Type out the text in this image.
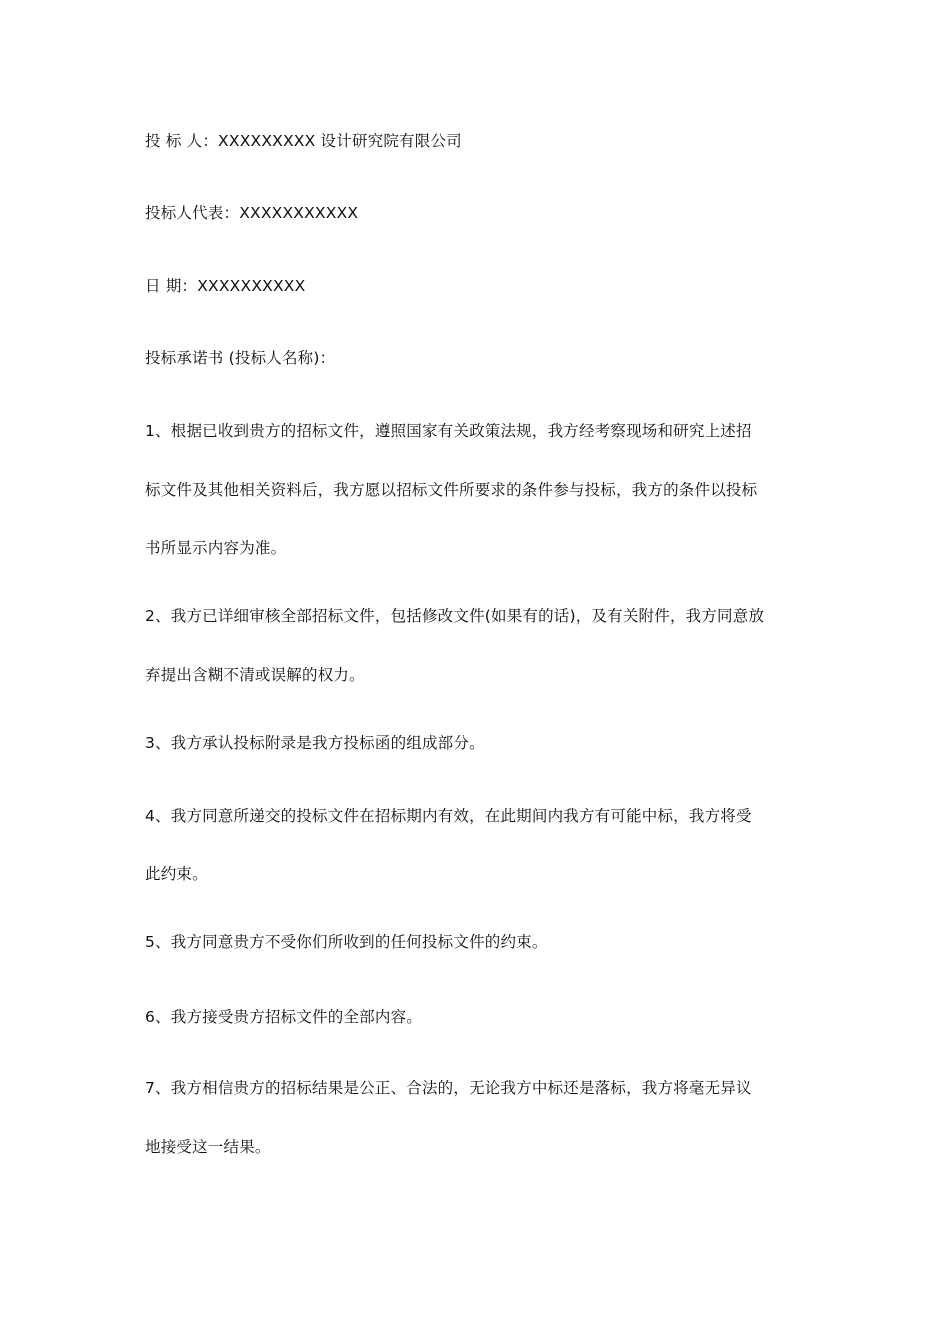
投 标 人：XXXXXXXXX 设计研究院有限公司
投标人代表：XXXXXXXXXXX
日 期：XXXXXXXXXX
投标承诺书 (投标人名称)：
1、根据已收到贵方的招标文件，遵照国家有关政策法规，我方经考察现场和研究上述招
标文件及其他相关资料后，我方愿以招标文件所要求的条件参与投标，我方的条件以投标
书所显示内容为准。
2、我方已详细审核全部招标文件，包括修改文件(如果有的话)，及有关附件，我方同意放
弃提出含糊不清或误解的权力。
3、我方承认投标附录是我方投标函的组成部分。
4、我方同意所递交的投标文件在招标期内有效，在此期间内我方有可能中标，我方将受
此约束。
5、我方同意贵方不受你们所收到的任何投标文件的约束。
6、我方接受贵方招标文件的全部内容。
7、我方相信贵方的招标结果是公正、合法的，无论我方中标还是落标，我方将毫无异议
地接受这一结果。
